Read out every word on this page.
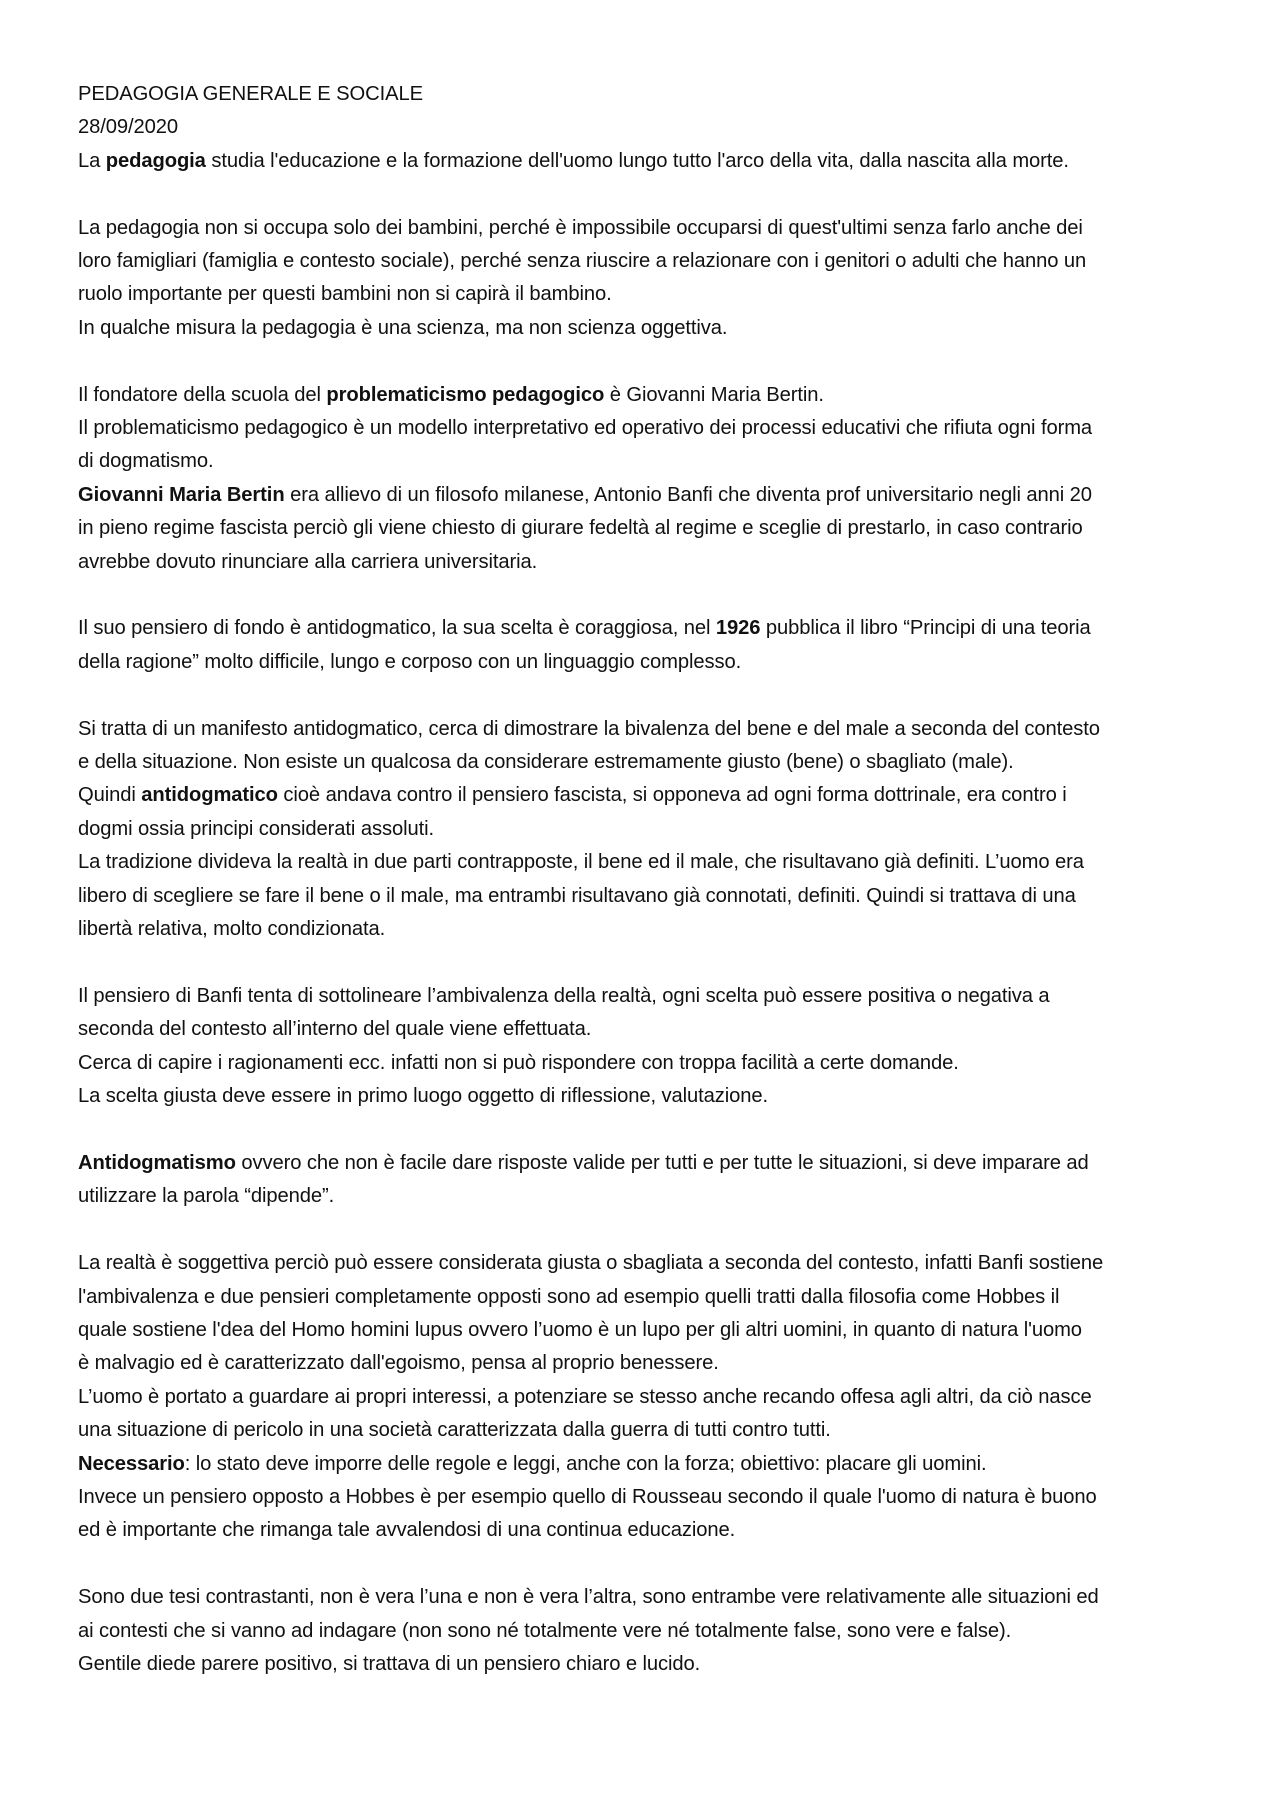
PEDAGOGIA GENERALE E SOCIALE
28/09/2020
La pedagogia studia l'educazione e la formazione dell'uomo lungo tutto l'arco della vita, dalla nascita alla morte.
La pedagogia non si occupa solo dei bambini, perché è impossibile occuparsi di quest'ultimi senza farlo anche dei
loro famigliari (famiglia e contesto sociale), perché senza riuscire a relazionare con i genitori o adulti che hanno un
ruolo importante per questi bambini non si capirà il bambino.
In qualche misura la pedagogia è una scienza, ma non scienza oggettiva.
Il fondatore della scuola del problematicismo pedagogico è Giovanni Maria Bertin.
Il problematicismo pedagogico è un modello interpretativo ed operativo dei processi educativi che rifiuta ogni forma
di dogmatismo.
Giovanni Maria Bertin era allievo di un filosofo milanese, Antonio Banfi che diventa prof universitario negli anni 20
in pieno regime fascista perciò gli viene chiesto di giurare fedeltà al regime e sceglie di prestarlo, in caso contrario
avrebbe dovuto rinunciare alla carriera universitaria.
Il suo pensiero di fondo è antidogmatico, la sua scelta è coraggiosa, nel 1926 pubblica il libro “Principi di una teoria
della ragione” molto difficile, lungo e corposo con un linguaggio complesso.
Si tratta di un manifesto antidogmatico, cerca di dimostrare la bivalenza del bene e del male a seconda del contesto
e della situazione. Non esiste un qualcosa da considerare estremamente giusto (bene) o sbagliato (male).
Quindi antidogmatico cioè andava contro il pensiero fascista, si opponeva ad ogni forma dottrinale, era contro i
dogmi ossia principi considerati assoluti.
La tradizione divideva la realtà in due parti contrapposte, il bene ed il male, che risultavano già definiti. L’uomo era
libero di scegliere se fare il bene o il male, ma entrambi risultavano già connotati, definiti. Quindi si trattava di una
libertà relativa, molto condizionata.
Il pensiero di Banfi tenta di sottolineare l’ambivalenza della realtà, ogni scelta può essere positiva o negativa a
seconda del contesto all’interno del quale viene effettuata.
Cerca di capire i ragionamenti ecc. infatti non si può rispondere con troppa facilità a certe domande.
La scelta giusta deve essere in primo luogo oggetto di riflessione, valutazione.
Antidogmatismo ovvero che non è facile dare risposte valide per tutti e per tutte le situazioni, si deve imparare ad
utilizzare la parola “dipende”.
La realtà è soggettiva perciò può essere considerata giusta o sbagliata a seconda del contesto, infatti Banfi sostiene
l'ambivalenza e due pensieri completamente opposti sono ad esempio quelli tratti dalla filosofia come Hobbes il
quale sostiene l'dea del Homo homini lupus ovvero l’uomo è un lupo per gli altri uomini, in quanto di natura l'uomo
è malvagio ed è caratterizzato dall'egoismo, pensa al proprio benessere.
L’uomo è portato a guardare ai propri interessi, a potenziare se stesso anche recando offesa agli altri, da ciò nasce
una situazione di pericolo in una società caratterizzata dalla guerra di tutti contro tutti.
Necessario: lo stato deve imporre delle regole e leggi, anche con la forza; obiettivo: placare gli uomini.
Invece un pensiero opposto a Hobbes è per esempio quello di Rousseau secondo il quale l'uomo di natura è buono
ed è importante che rimanga tale avvalendosi di una continua educazione.
Sono due tesi contrastanti, non è vera l’una e non è vera l’altra, sono entrambe vere relativamente alle situazioni ed
ai contesti che si vanno ad indagare (non sono né totalmente vere né totalmente false, sono vere e false).
Gentile diede parere positivo, si trattava di un pensiero chiaro e lucido.
